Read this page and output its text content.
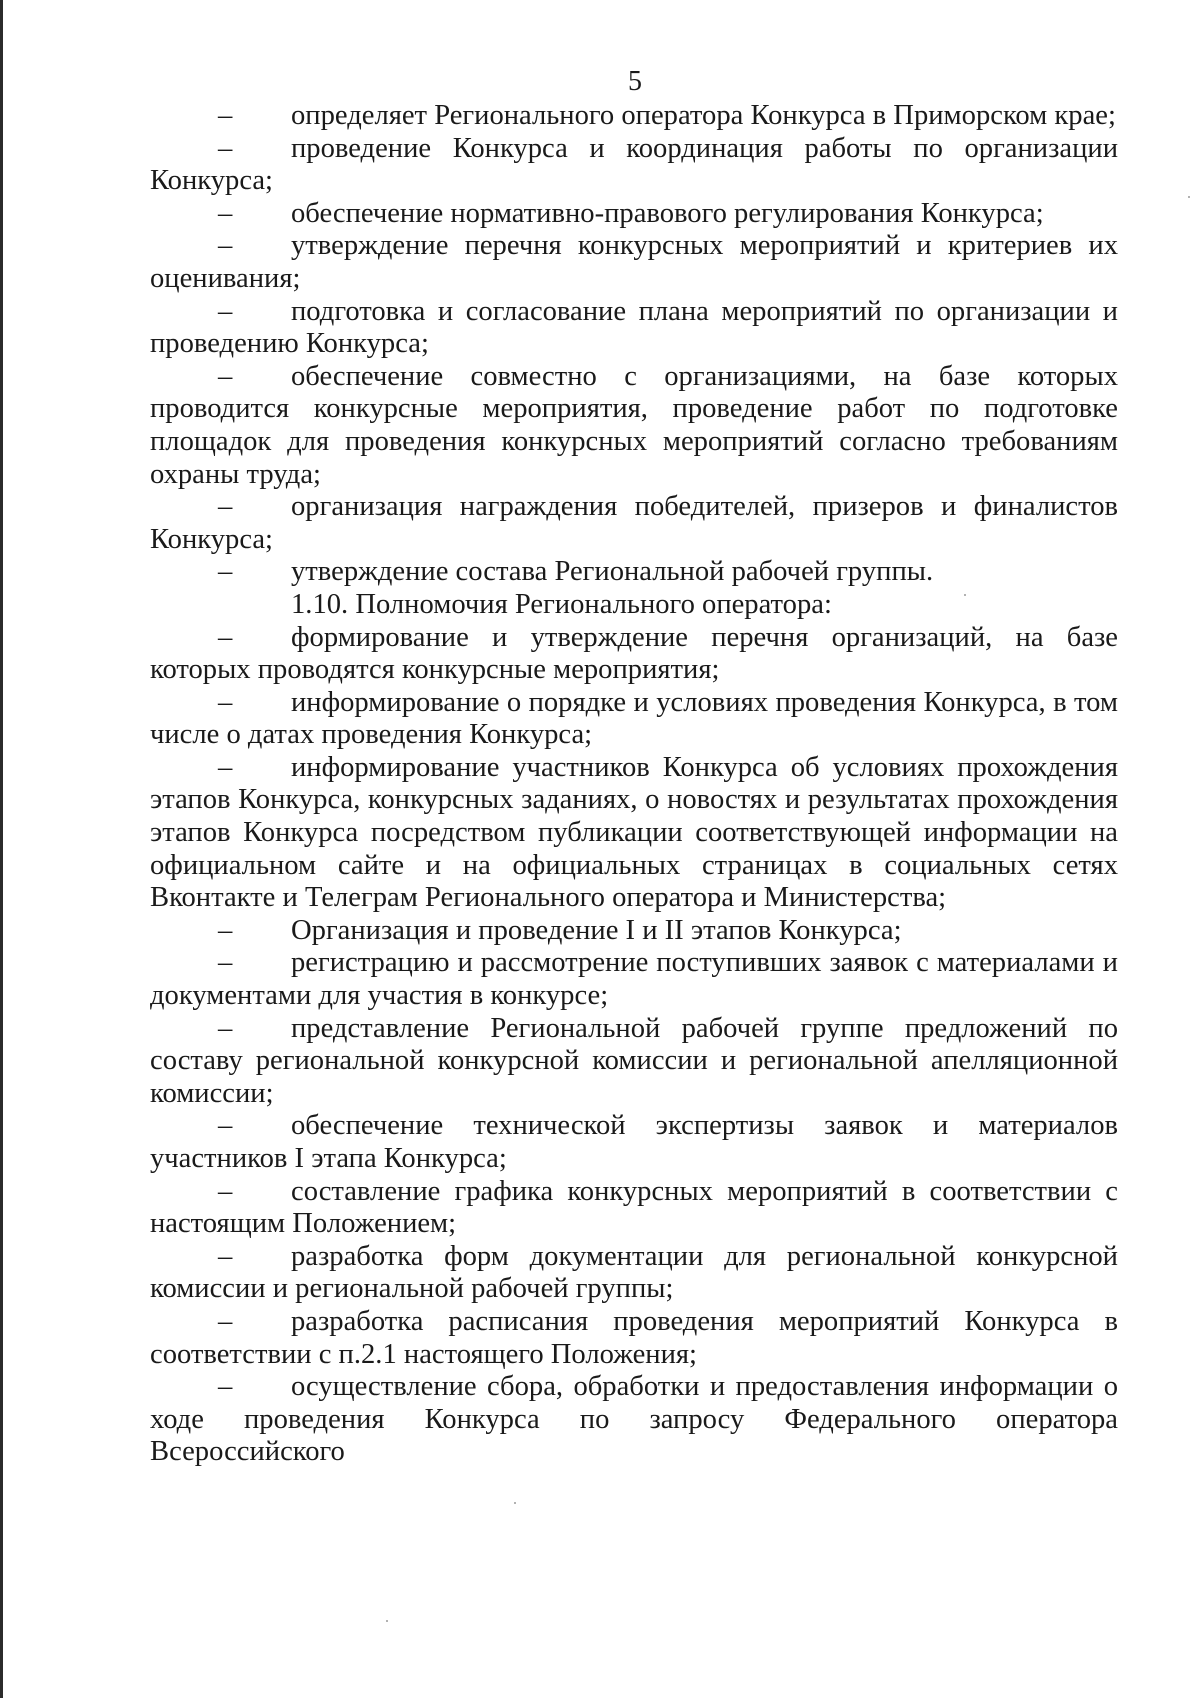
5

– определяет Регионального оператора Конкурса в Приморском крае;

– проведение Конкурса и координация работы по организации Конкурса;

– обеспечение нормативно-правового регулирования Конкурса;

– утверждение перечня конкурсных мероприятий и критериев их оценивания;

– подготовка и согласование плана мероприятий по организации и проведению Конкурса;

– обеспечение совместно с организациями, на базе которых проводится конкурсные мероприятия, проведение работ по подготовке площадок для проведения конкурсных мероприятий согласно требованиям охраны труда;

– организация награждения победителей, призеров и финалистов Конкурса;

– утверждение состава Региональной рабочей группы.

1.10. Полномочия Регионального оператора:

– формирование и утверждение перечня организаций, на базе которых проводятся конкурсные мероприятия;

– информирование о порядке и условиях проведения Конкурса, в том числе о датах проведения Конкурса;

– информирование участников Конкурса об условиях прохождения этапов Конкурса, конкурсных заданиях, о новостях и результатах прохождения этапов Конкурса посредством публикации соответствующей информации на официальном сайте и на официальных страницах в социальных сетях Вконтакте и Телеграм Регионального оператора и Министерства;

– Организация и проведение I и II этапов Конкурса;

– регистрацию и рассмотрение поступивших заявок с материалами и документами для участия в конкурсе;

– представление Региональной рабочей группе предложений по составу региональной конкурсной комиссии и региональной апелляционной комиссии;

– обеспечение технической экспертизы заявок и материалов участников I этапа Конкурса;

– составление графика конкурсных мероприятий в соответствии с настоящим Положением;

– разработка форм документации для региональной конкурсной комиссии и региональной рабочей группы;

– разработка расписания проведения мероприятий Конкурса в соответствии с п.2.1 настоящего Положения;

– осуществление сбора, обработки и предоставления информации о ходе проведения Конкурса по запросу Федерального оператора Всероссийского
